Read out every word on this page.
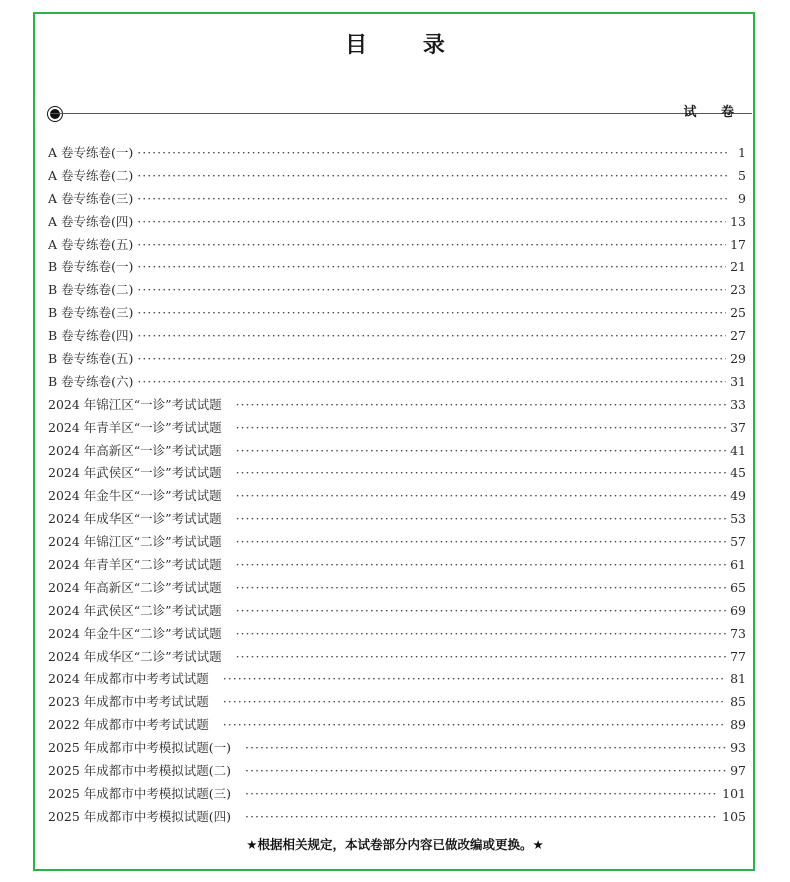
目 录
试 卷
A 卷专练卷(一) ·····	1
A 卷专练卷(二) ·····	5
A 卷专练卷(三) ·····	9
A 卷专练卷(四) ·····	13
A 卷专练卷(五) ·····	17
B 卷专练卷(一) ·····	21
B 卷专练卷(二) ·····	23
B 卷专练卷(三) ·····	25
B 卷专练卷(四) ·····	27
B 卷专练卷(五) ·····	29
B 卷专练卷(六) ·····	31
2024 年锦江区“一诊”考试试题 ·····	33
2024 年青羊区“一诊”考试试题 ·····	37
2024 年高新区“一诊”考试试题 ·····	41
2024 年武侯区“一诊”考试试题 ·····	45
2024 年金牛区“一诊”考试试题 ·····	49
2024 年成华区“一诊”考试试题 ·····	53
2024 年锦江区“二诊”考试试题 ·····	57
2024 年青羊区“二诊”考试试题 ·····	61
2024 年高新区“二诊”考试试题 ·····	65
2024 年武侯区“二诊”考试试题 ·····	69
2024 年金牛区“二诊”考试试题 ·····	73
2024 年成华区“二诊”考试试题 ·····	77
2024 年成都市中考考试试题 ·····	81
2023 年成都市中考考试试题 ·····	85
2022 年成都市中考考试试题 ·····	89
2025 年成都市中考模拟试题(一) ·····	93
2025 年成都市中考模拟试题(二) ·····	97
2025 年成都市中考模拟试题(三) ·····	101
2025 年成都市中考模拟试题(四) ·····	105
★根据相关规定，本试卷部分内容已做改编或更换。★
